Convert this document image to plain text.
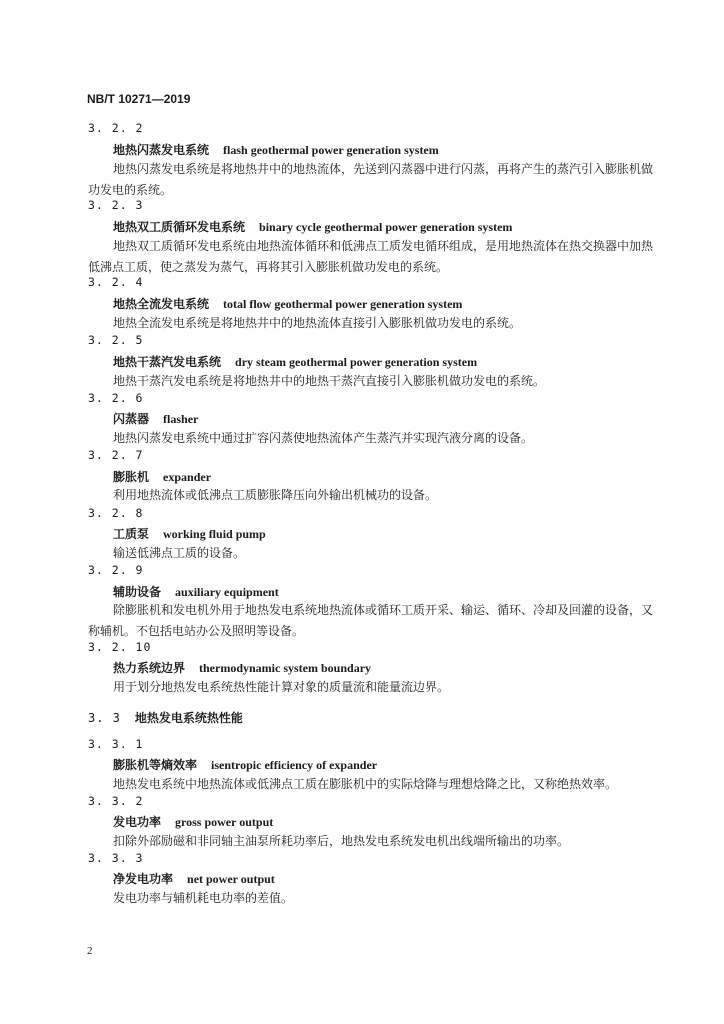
NB/T 10271—2019
3. 2. 2
地热闪蒸发电系统 flash geothermal power generation system
地热闪蒸发电系统是将地热井中的地热流体，先送到闪蒸器中进行闪蒸，再将产生的蒸汽引入膨胀机做功发电的系统。
3. 2. 3
地热双工质循环发电系统 binary cycle geothermal power generation system
地热双工质循环发电系统由地热流体循环和低沸点工质发电循环组成，是用地热流体在热交换器中加热低沸点工质，使之蒸发为蒸气，再将其引入膨胀机做功发电的系统。
3. 2. 4
地热全流发电系统 total flow geothermal power generation system
地热全流发电系统是将地热井中的地热流体直接引入膨胀机做功发电的系统。
3. 2. 5
地热干蒸汽发电系统 dry steam geothermal power generation system
地热干蒸汽发电系统是将地热井中的地热干蒸汽直接引入膨胀机做功发电的系统。
3. 2. 6
闪蒸器 flasher
地热闪蒸发电系统中通过扩容闪蒸使地热流体产生蒸汽并实现汽液分离的设备。
3. 2. 7
膨胀机 expander
利用地热流体或低沸点工质膨胀降压向外输出机械功的设备。
3. 2. 8
工质泵 working fluid pump
输送低沸点工质的设备。
3. 2. 9
辅助设备 auxiliary equipment
除膨胀机和发电机外用于地热发电系统地热流体或循环工质开采、输运、循环、冷却及回灌的设备，又称辅机。不包括电站办公及照明等设备。
3. 2. 10
热力系统边界 thermodynamic system boundary
用于划分地热发电系统热性能计算对象的质量流和能量流边界。
3. 3 地热发电系统热性能
3. 3. 1
膨胀机等熵效率 isentropic efficiency of expander
地热发电系统中地热流体或低沸点工质在膨胀机中的实际焓降与理想焓降之比，又称绝热效率。
3. 3. 2
发电功率 gross power output
扣除外部励磁和非同轴主油泵所耗功率后，地热发电系统发电机出线端所输出的功率。
3. 3. 3
净发电功率 net power output
发电功率与辅机耗电功率的差值。
2
